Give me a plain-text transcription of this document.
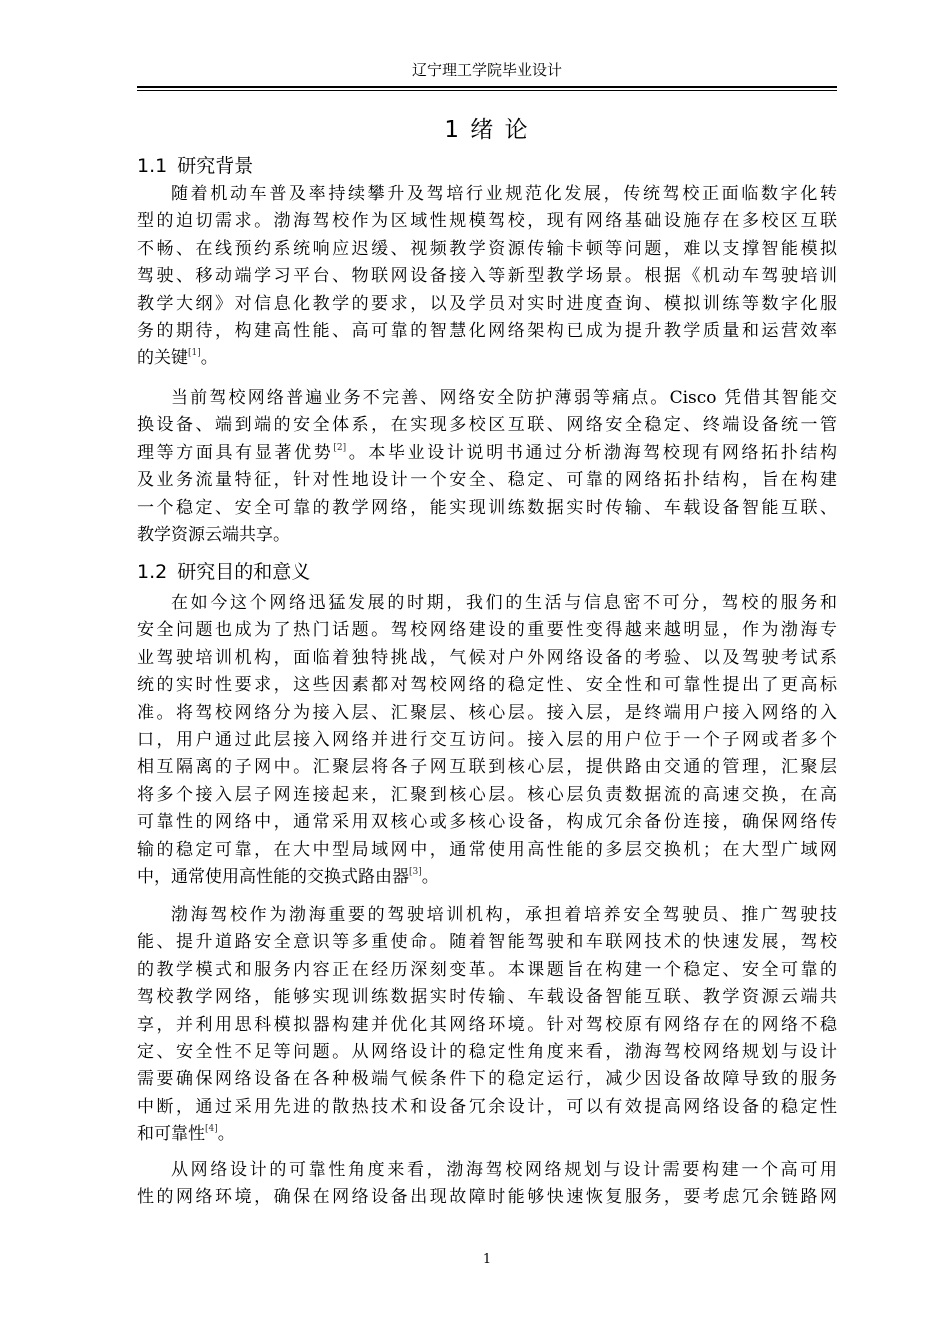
辽宁理工学院毕业设计
1 绪 论
1.1 研究背景
随着机动车普及率持续攀升及驾培行业规范化发展，传统驾校正面临数字化转
型的迫切需求。渤海驾校作为区域性规模驾校，现有网络基础设施存在多校区互联
不畅、在线预约系统响应迟缓、视频教学资源传输卡顿等问题，难以支撑智能模拟
驾驶、移动端学习平台、物联网设备接入等新型教学场景。根据《机动车驾驶培训
教学大纲》对信息化教学的要求，以及学员对实时进度查询、模拟训练等数字化服
务的期待，构建高性能、高可靠的智慧化网络架构已成为提升教学质量和运营效率
的关键[1]。
当前驾校网络普遍业务不完善、网络安全防护薄弱等痛点。Cisco 凭借其智能交
换设备、端到端的安全体系，在实现多校区互联、网络安全稳定、终端设备统一管
理等方面具有显著优势[2]。本毕业设计说明书通过分析渤海驾校现有网络拓扑结构
及业务流量特征，针对性地设计一个安全、稳定、可靠的网络拓扑结构，旨在构建
一个稳定、安全可靠的教学网络，能实现训练数据实时传输、车载设备智能互联、
教学资源云端共享。
1.2 研究目的和意义
在如今这个网络迅猛发展的时期，我们的生活与信息密不可分，驾校的服务和
安全问题也成为了热门话题。驾校网络建设的重要性变得越来越明显，作为渤海专
业驾驶培训机构，面临着独特挑战，气候对户外网络设备的考验、以及驾驶考试系
统的实时性要求，这些因素都对驾校网络的稳定性、安全性和可靠性提出了更高标
准。将驾校网络分为接入层、汇聚层、核心层。接入层，是终端用户接入网络的入
口，用户通过此层接入网络并进行交互访问。接入层的用户位于一个子网或者多个
相互隔离的子网中。汇聚层将各子网互联到核心层，提供路由交通的管理，汇聚层
将多个接入层子网连接起来，汇聚到核心层。核心层负责数据流的高速交换，在高
可靠性的网络中，通常采用双核心或多核心设备，构成冗余备份连接，确保网络传
输的稳定可靠，在大中型局域网中，通常使用高性能的多层交换机；在大型广域网
中，通常使用高性能的交换式路由器[3]。
渤海驾校作为渤海重要的驾驶培训机构，承担着培养安全驾驶员、推广驾驶技
能、提升道路安全意识等多重使命。随着智能驾驶和车联网技术的快速发展，驾校
的教学模式和服务内容正在经历深刻变革。本课题旨在构建一个稳定、安全可靠的
驾校教学网络，能够实现训练数据实时传输、车载设备智能互联、教学资源云端共
享，并利用思科模拟器构建并优化其网络环境。针对驾校原有网络存在的网络不稳
定、安全性不足等问题。从网络设计的稳定性角度来看，渤海驾校网络规划与设计
需要确保网络设备在各种极端气候条件下的稳定运行，减少因设备故障导致的服务
中断，通过采用先进的散热技术和设备冗余设计，可以有效提高网络设备的稳定性
和可靠性[4]。
从网络设计的可靠性角度来看，渤海驾校网络规划与设计需要构建一个高可用
性的网络环境，确保在网络设备出现故障时能够快速恢复服务，要考虑冗余链路网
1
